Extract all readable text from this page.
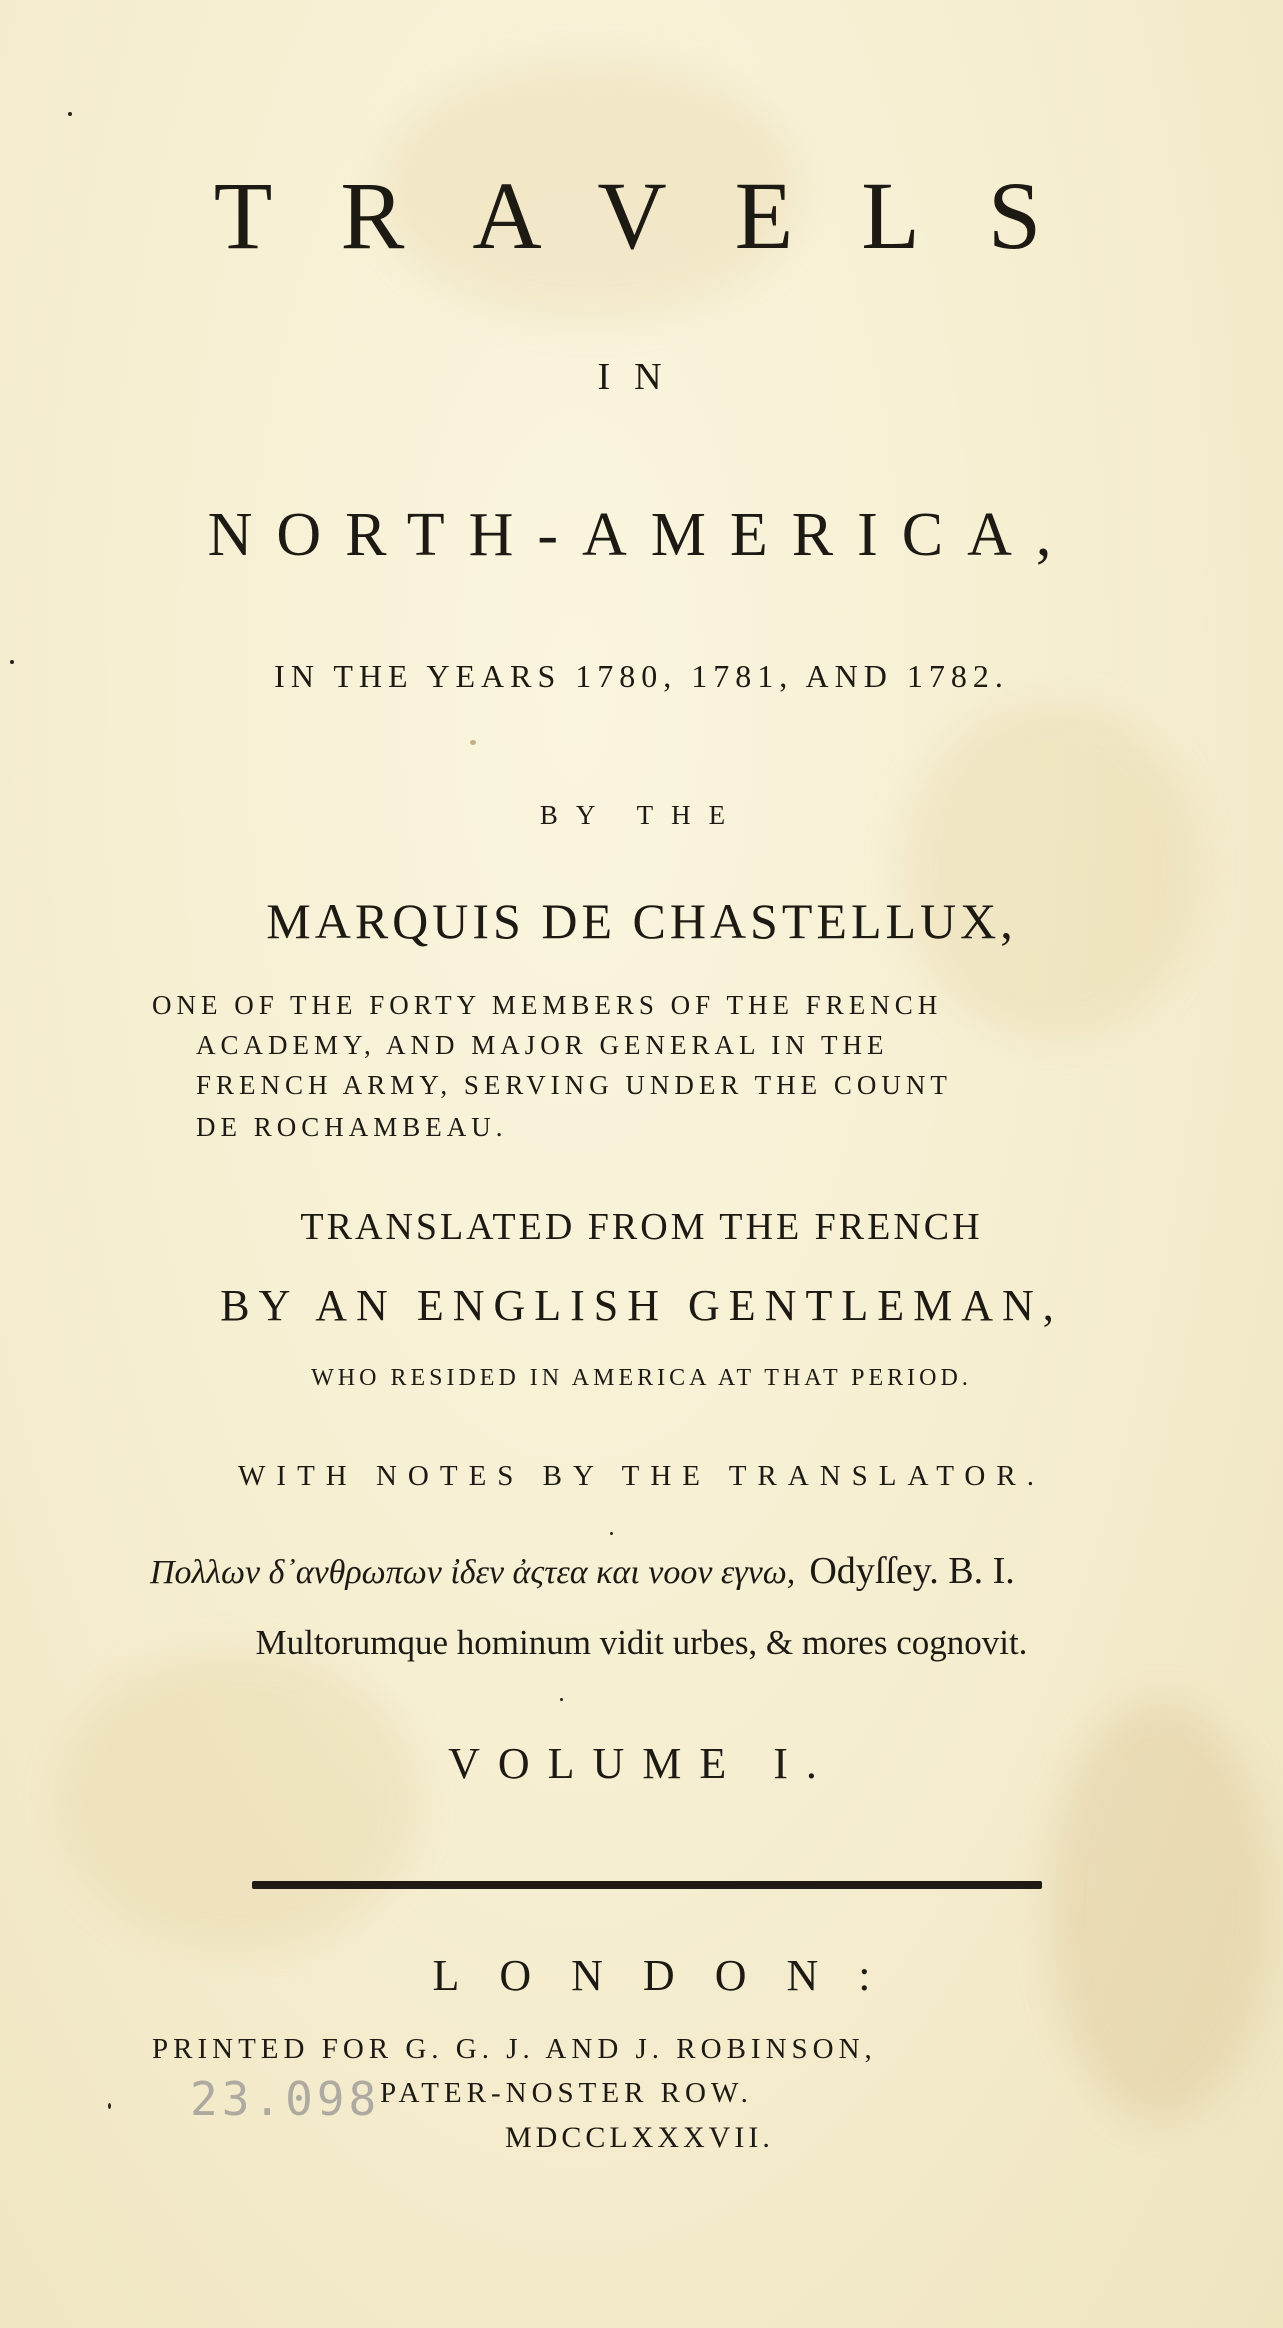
TRAVELS
IN
NORTH-AMERICA,
IN THE YEARS 1780, 1781, AND 1782.
BY THE
MARQUIS DE CHASTELLUX,
ONE OF THE FORTY MEMBERS OF THE FRENCH
ACADEMY, AND MAJOR GENERAL IN THE
FRENCH ARMY, SERVING UNDER THE COUNT
DE ROCHAMBEAU.
TRANSLATED FROM THE FRENCH
BY AN ENGLISH GENTLEMAN,
WHO RESIDED IN AMERICA AT THAT PERIOD.
WITH NOTES BY THE TRANSLATOR.
Πολλων δ᾽ανθρωπων ἰδεν ἀςτεα και νοον εγνω, Odyſſey. B. I.
Multorumque hominum vidit urbes, & mores cognovit.
VOLUME I.
LONDON:
PRINTED FOR G. G. J. AND J. ROBINSON,
PATER-NOSTER ROW.
MDCCLXXXVII.
23.098
